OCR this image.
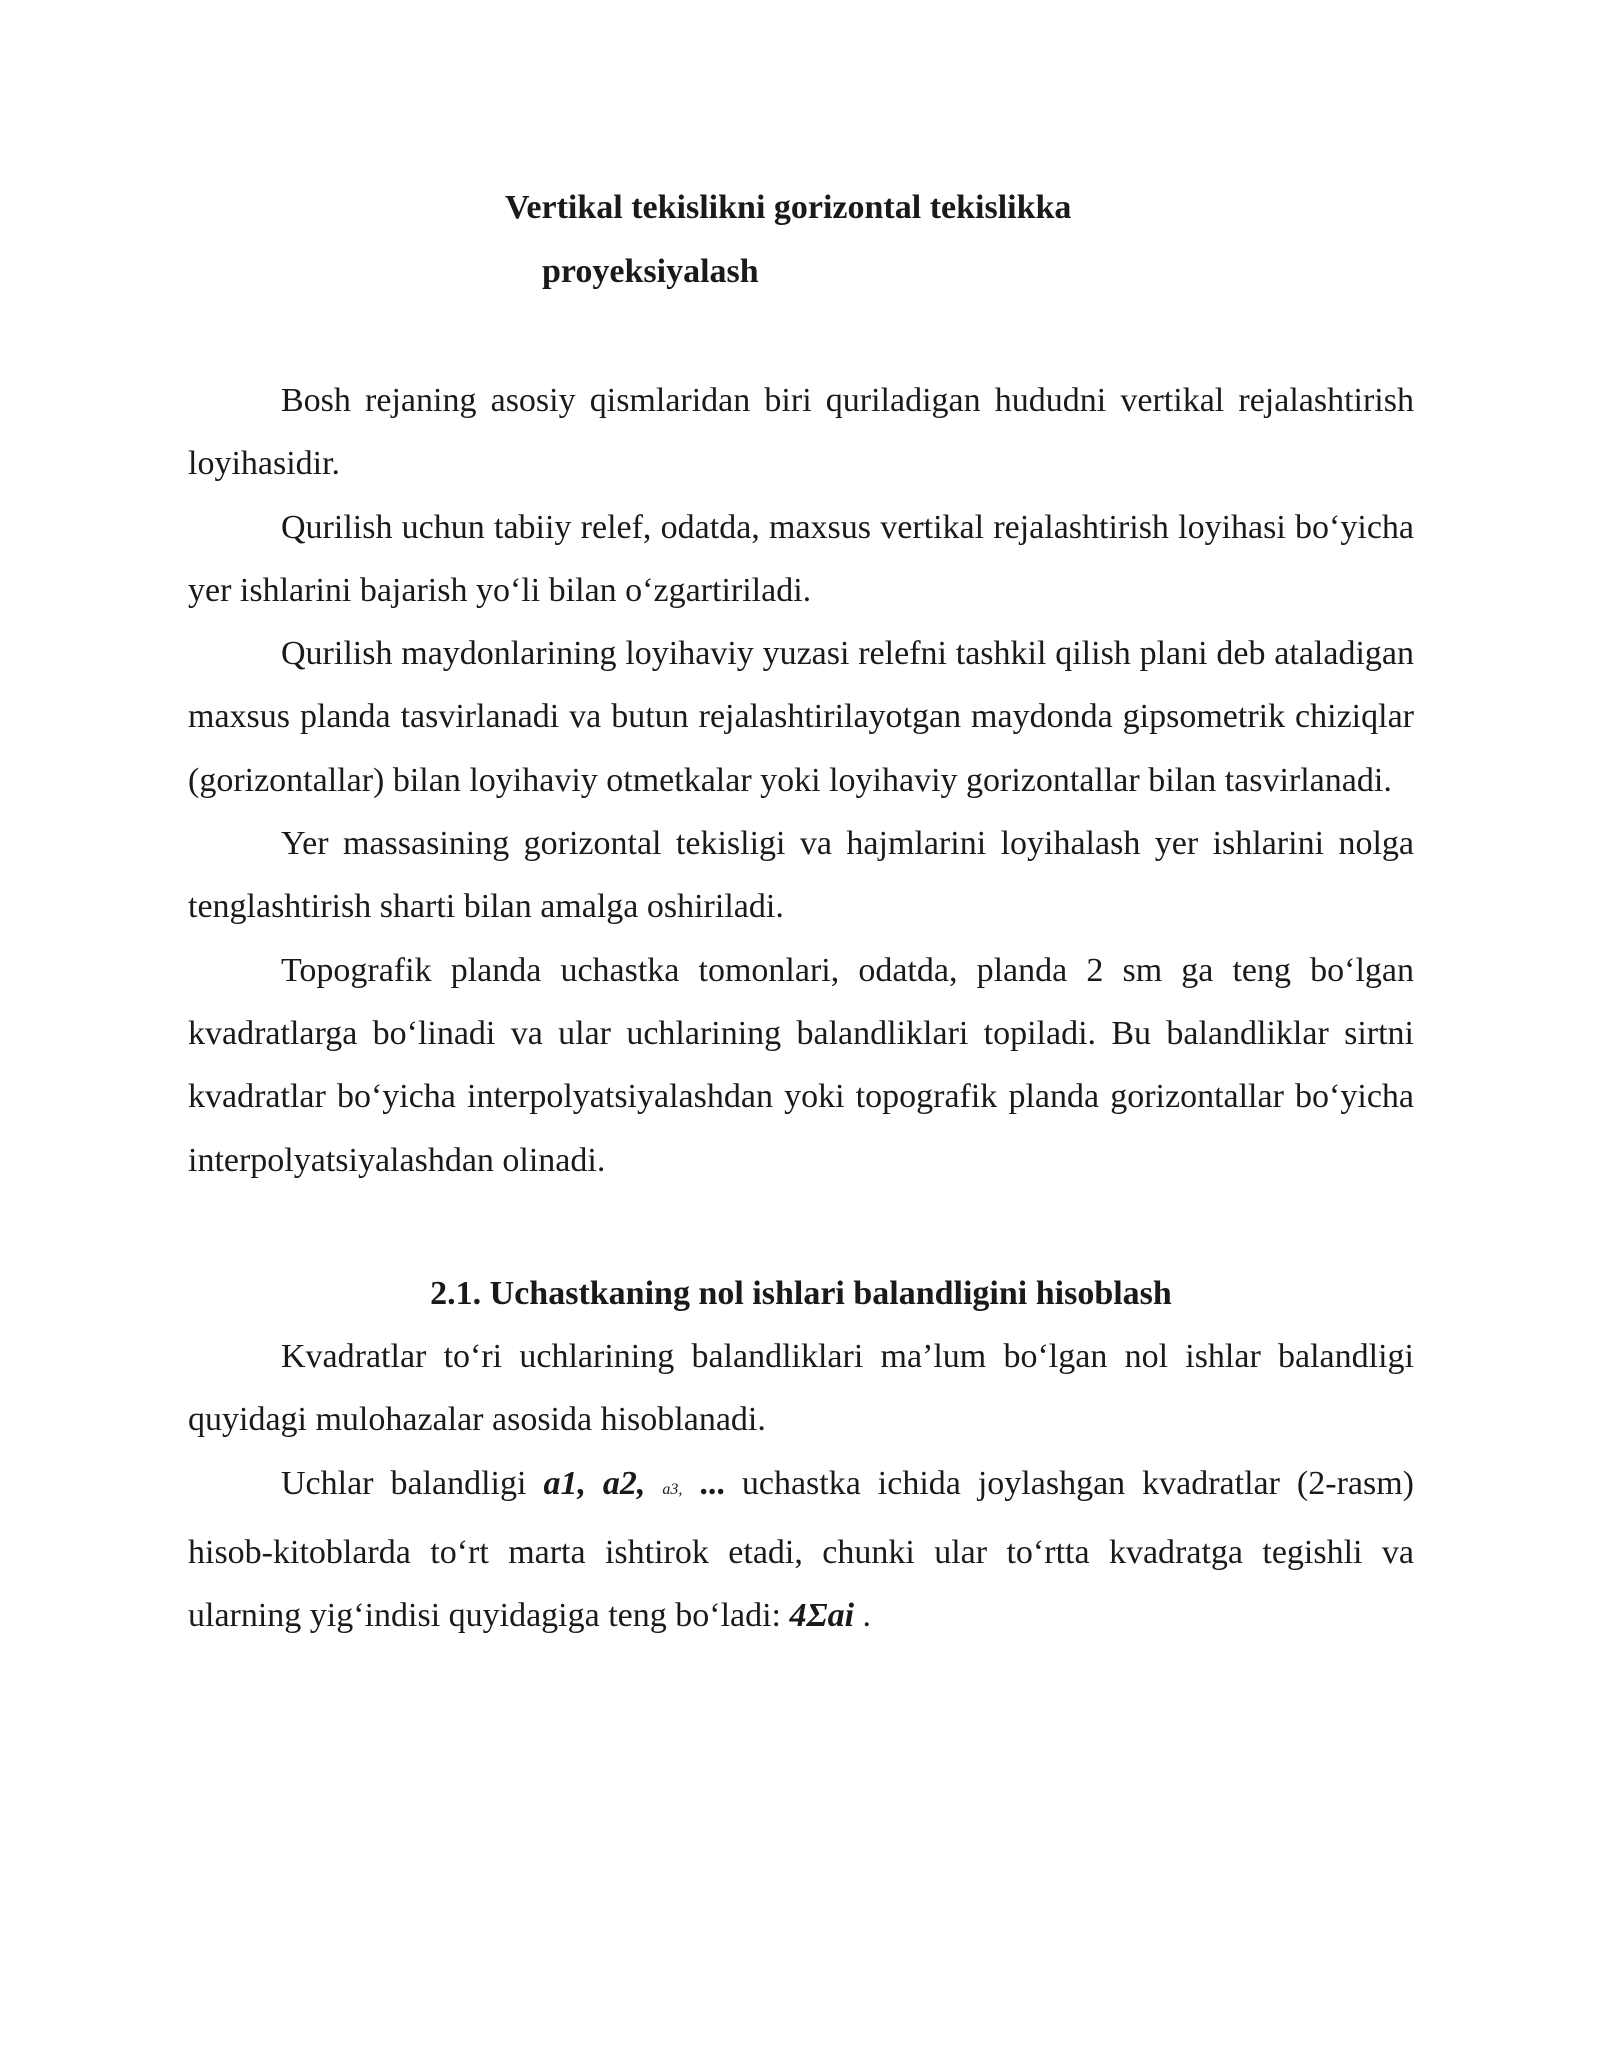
Vertikal tekislikni gorizontal tekislikka
proyeksiyalash

Bosh rejaning asosiy qismlaridan biri quriladigan hududni vertikal rejalashtirish loyihasidir.

Qurilish uchun tabiiy relef, odatda, maxsus vertikal rejalashtirish loyihasi bo‘yicha yer ishlarini bajarish yo‘li bilan o‘zgartiriladi.

Qurilish maydonlarining loyihaviy yuzasi relefni tashkil qilish plani deb ataladigan maxsus planda tasvirlanadi va butun rejalashtirilayotgan maydonda gipsometrik chiziqlar (gorizontallar) bilan loyihaviy otmetkalar yoki loyihaviy gorizontallar bilan tasvirlanadi.

Yer massasining gorizontal tekisligi va hajmlarini loyihalash yer ishlarini nolga tenglashtirish sharti bilan amalga oshiriladi.

Topografik planda uchastka tomonlari, odatda, planda 2 sm ga teng bo‘lgan kvadratlarga bo‘linadi va ular uchlarining balandliklari topiladi. Bu balandliklar sirtni kvadratlar bo‘yicha interpolyatsiyalashdan yoki topografik planda gorizontallar bo‘yicha interpolyatsiyalashdan olinadi.

2.1. Uchastkaning nol ishlari balandligini hisoblash

Kvadratlar to‘ri uchlarining balandliklari ma’lum bo‘lgan nol ishlar balandligi quyidagi mulohazalar asosida hisoblanadi.

Uchlar balandligi a1, a2, a3, ... uchastka ichida joylashgan kvadratlar (2-rasm) hisob-kitoblarda to‘rt marta ishtirok etadi, chunki ular to‘rtta kvadratga tegishli va ularning yig‘indisi quyidagiga teng bo‘ladi: 4Σai .
